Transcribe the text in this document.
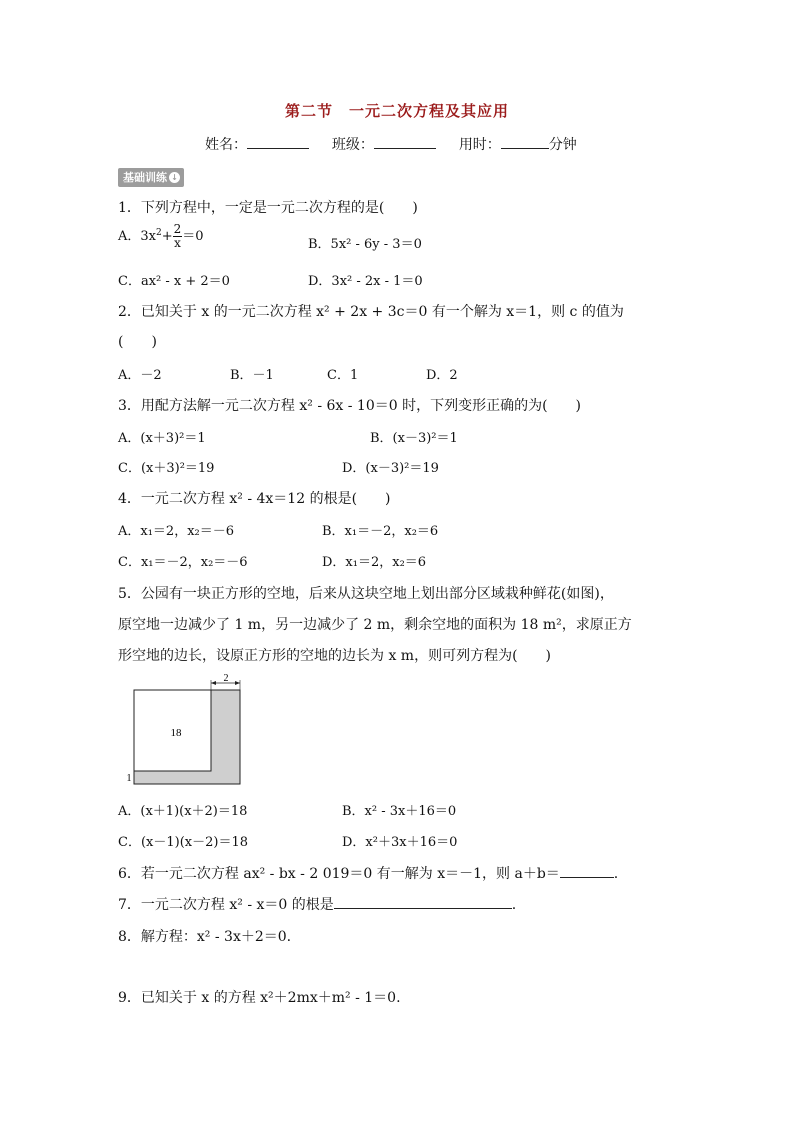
第二节　一元二次方程及其应用
姓名：	班级：	用时：	分钟
基础训练 ↓
1．下列方程中，一定是一元二次方程的是(　　)
A．$3x^2+ \frac{2}{x} =0$
B．5x² - 6y - 3＝0
C．ax² - x + 2＝0	D．3x² - 2x - 1＝0
2．已知关于 x 的一元二次方程 x² + 2x + 3c＝0 有一个解为 x＝1，则 c 的值为
(　　)
A．－2	B．－1	C．1	D．2
3．用配方法解一元二次方程 x² - 6x - 10＝0 时，下列变形正确的为(　　)
A．(x＋3)²＝1	B．(x－3)²＝1
C．(x＋3)²＝19	D．(x－3)²＝19
4．一元二次方程 x² - 4x＝12 的根是(　　)
A．x₁＝2，x₂＝－6	B．x₁＝－2，x₂＝6
C．x₁＝－2，x₂＝－6	D．x₁＝2，x₂＝6
5．公园有一块正方形的空地，后来从这块空地上划出部分区域栽种鲜花(如图)，
原空地一边减少了 1 m，另一边减少了 2 m，剩余空地的面积为 18 m²，求原正方
形空地的边长，设原正方形的空地的边长为 x m，则可列方程为(　　)
2
18
1
A．(x＋1)(x＋2)＝18	B．x² - 3x＋16＝0
C．(x－1)(x－2)＝18	D．x²＋3x＋16＝0
6．若一元二次方程 ax² - bx - 2 019＝0 有一解为 x＝－1，则 a＋b＝	.
7．一元二次方程 x² - x＝0 的根是	.
8．解方程：x² - 3x＋2＝0.
9．已知关于 x 的方程 x²＋2mx＋m² - 1＝0.
